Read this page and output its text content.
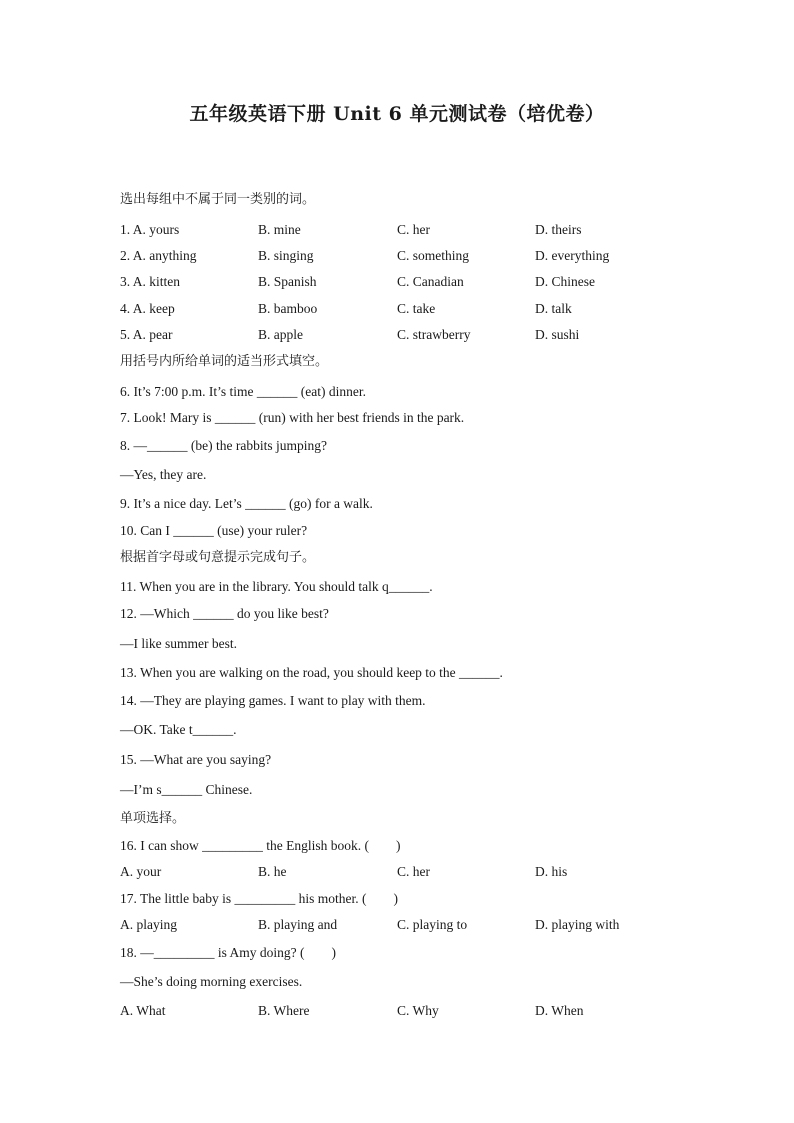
五年级英语下册 Unit 6 单元测试卷（培优卷）
选出每组中不属于同一类别的词。
1. A. yours	B. mine	C. her	D. theirs
2. A. anything	B. singing	C. something	D. everything
3. A. kitten	B. Spanish	C. Canadian	D. Chinese
4. A. keep	B. bamboo	C. take	D. talk
5. A. pear	B. apple	C. strawberry	D. sushi
用括号内所给单词的适当形式填空。
6. It’s 7:00 p.m. It’s time ______ (eat) dinner.
7. Look! Mary is ______ (run) with her best friends in the park.
8. —______ (be) the rabbits jumping?
—Yes, they are.
9. It’s a nice day. Let’s ______ (go) for a walk.
10. Can I ______ (use) your ruler?
根据首字母或句意提示完成句子。
11. When you are in the library. You should talk q______.
12. —Which ______ do you like best?
—I like summer best.
13. When you are walking on the road, you should keep to the ______.
14. —They are playing games. I want to play with them.
—OK. Take t______.
15. —What are you saying?
—I’m s______ Chinese.
单项选择。
16. I can show _________ the English book. (　　)
A. your	B. he	C. her	D. his
17. The little baby is _________ his mother. (　　)
A. playing	B. playing and	C. playing to	D. playing with
18. —_________ is Amy doing? (　　)
—She’s doing morning exercises.
A. What	B. Where	C. Why	D. When
